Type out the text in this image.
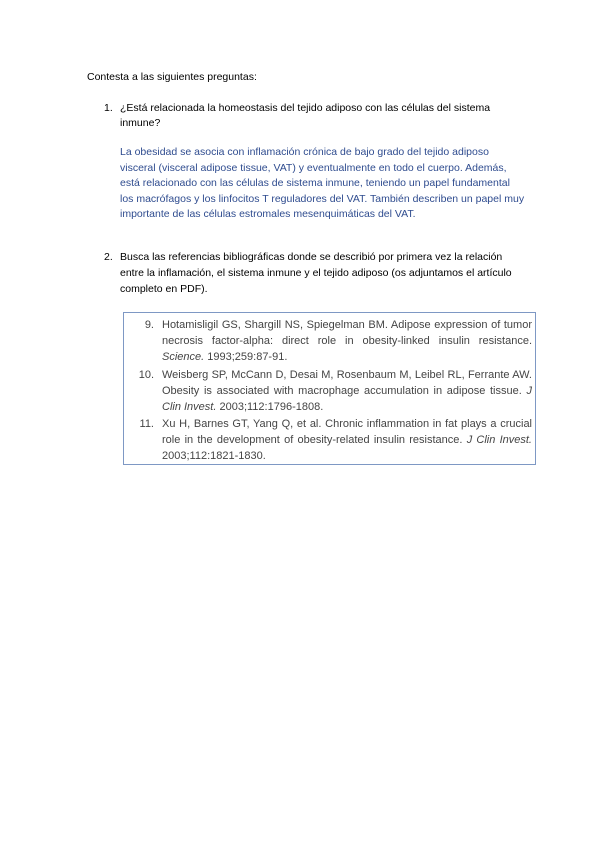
Contesta a las siguientes preguntas:

1. ¿Está relacionada la homeostasis del tejido adiposo con las células del sistema inmune?

La obesidad se asocia con inflamación crónica de bajo grado del tejido adiposo visceral (visceral adipose tissue, VAT) y eventualmente en todo el cuerpo. Además, está relacionado con las células de sistema inmune, teniendo un papel fundamental los macrófagos y los linfocitos T reguladores del VAT. También describen un papel muy importante de las células estromales mesenquimáticas del VAT.

2. Busca las referencias bibliográficas donde se describió por primera vez la relación entre la inflamación, el sistema inmune y el tejido adiposo (os adjuntamos el artículo completo en PDF).
9. Hotamisligil GS, Shargill NS, Spiegelman BM. Adipose expression of tumor necrosis factor-alpha: direct role in obesity-linked insulin resistance. Science. 1993;259:87-91.
10. Weisberg SP, McCann D, Desai M, Rosenbaum M, Leibel RL, Ferrante AW. Obesity is associated with macrophage accumulation in adipose tissue. J Clin Invest. 2003;112:1796-1808.
11. Xu H, Barnes GT, Yang Q, et al. Chronic inflammation in fat plays a crucial role in the development of obesity-related insulin resistance. J Clin Invest. 2003;112:1821-1830.
